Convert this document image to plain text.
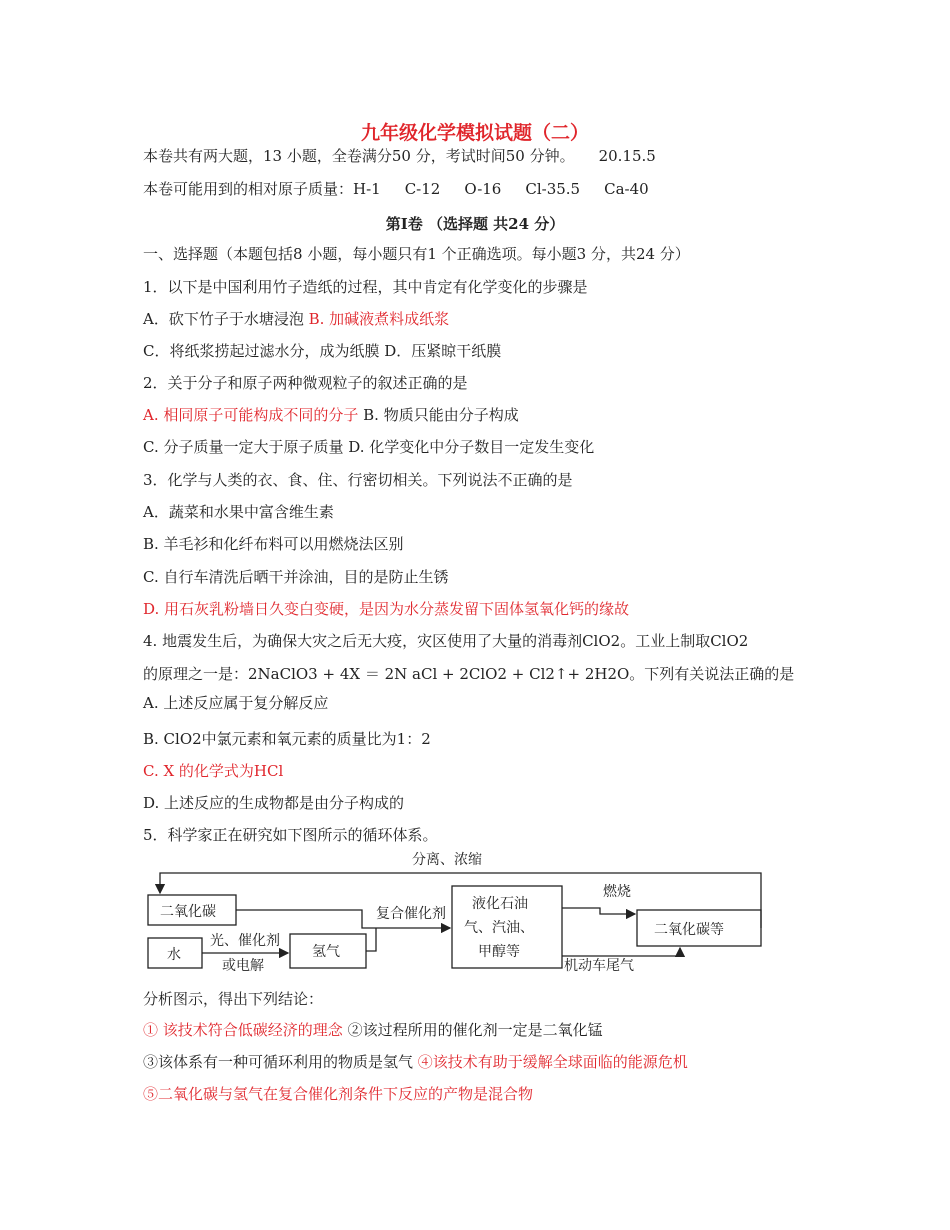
九年级化学模拟试题（二）
本卷共有两大题，13 小题，全卷满分50 分，考试时间50 分钟。 20.15.5
本卷可能用到的相对原子质量：H-1 C-12 O-16 Cl-35.5 Ca-40
第Ⅰ卷 （选择题 共24 分）
一、选择题（本题包括8 小题，每小题只有1 个正确选项。每小题3 分，共24 分）
1．以下是中国利用竹子造纸的过程，其中肯定有化学变化的步骤是
A．砍下竹子于水塘浸泡 B. 加碱液煮料成纸浆
C．将纸浆捞起过滤水分，成为纸膜 D．压紧晾干纸膜
2．关于分子和原子两种微观粒子的叙述正确的是
A. 相同原子可能构成不同的分子 B. 物质只能由分子构成
C. 分子质量一定大于原子质量 D. 化学变化中分子数目一定发生变化
3．化学与人类的衣、食、住、行密切相关。下列说法不正确的是
A．蔬菜和水果中富含维生素
B. 羊毛衫和化纤布料可以用燃烧法区别
C. 自行车清洗后晒干并涂油，目的是防止生锈
D. 用石灰乳粉墙日久变白变硬，是因为水分蒸发留下固体氢氧化钙的缘故
4. 地震发生后，为确保大灾之后无大疫，灾区使用了大量的消毒剂ClO2。工业上制取ClO2
的原理之一是：2NaClO3 + 4X ＝ 2N aCl + 2ClO2 + Cl2↑+ 2H2O。下列有关说法正确的是
A. 上述反应属于复分解反应
B. ClO2中氯元素和氧元素的质量比为1：2
C. X 的化学式为HCl
D. 上述反应的生成物都是由分子构成的
5．科学家正在研究如下图所示的循环体系。
分离、浓缩
二氧化碳
水
光、催化剂
或电解
氢气
复合催化剂
液化石油
气、汽油、
甲醇等
燃烧
机动车尾气
二氧化碳等
分析图示，得出下列结论：
① 该技术符合低碳经济的理念 ②该过程所用的催化剂一定是二氧化锰
③该体系有一种可循环利用的物质是氢气 ④该技术有助于缓解全球面临的能源危机
⑤二氧化碳与氢气在复合催化剂条件下反应的产物是混合物
